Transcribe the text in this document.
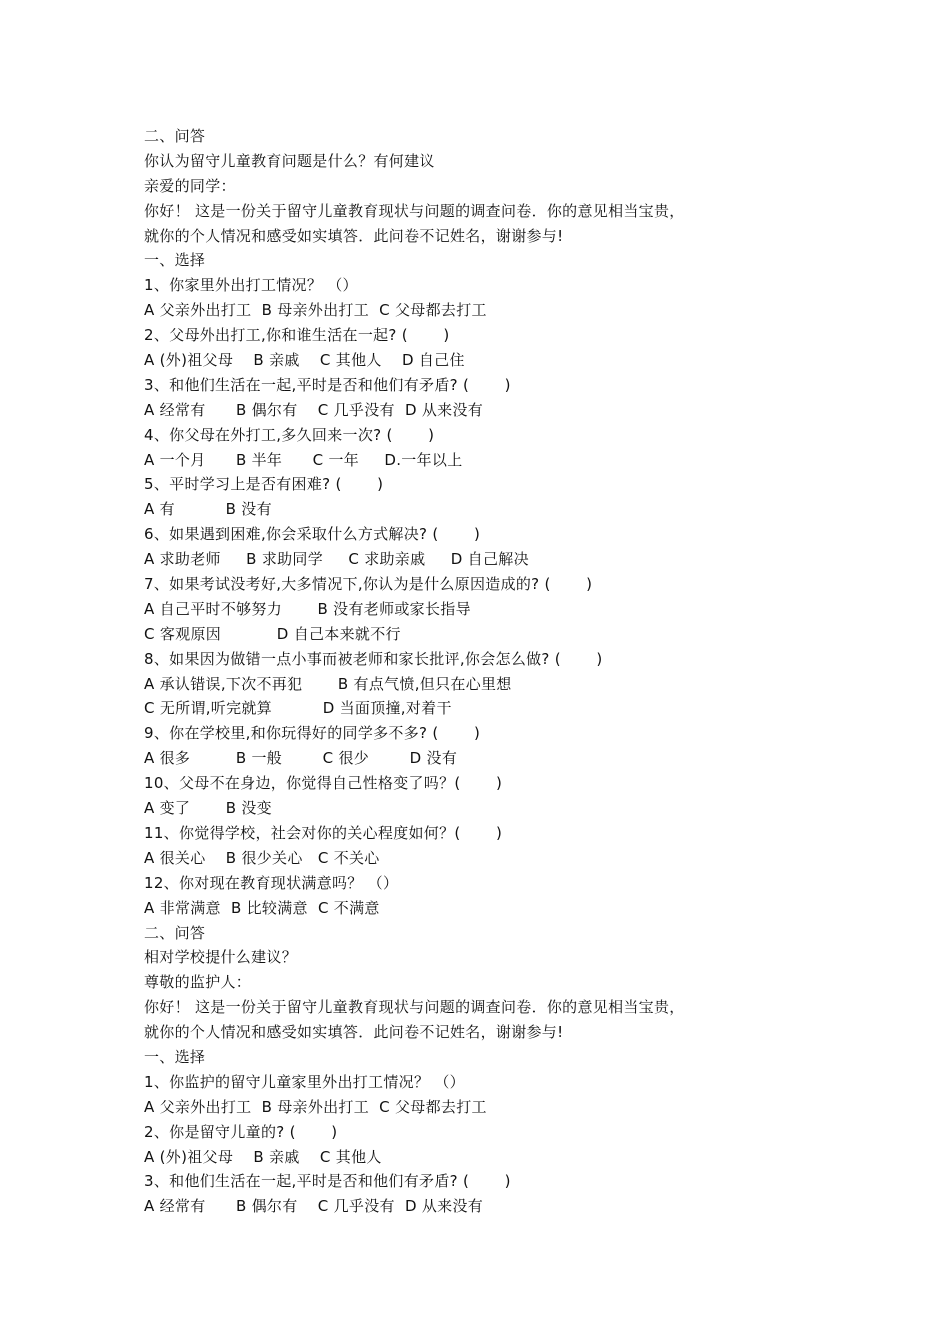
二、问答
你认为留守儿童教育问题是什么？有何建议
亲爱的同学：
你好！ 这是一份关于留守儿童教育现状与问题的调查问卷．你的意见相当宝贵，
就你的个人情况和感受如实填答．此问卷不记姓名，谢谢参与!
一、选择
1、你家里外出打工情况？ （）
A 父亲外出打工  B 母亲外出打工  C 父母都去打工
2、父母外出打工,你和谁生活在一起? (       )
A (外)祖父母    B 亲戚    C 其他人    D 自己住
3、和他们生活在一起,平时是否和他们有矛盾? (       )
A 经常有      B 偶尔有    C 几乎没有  D 从来没有
4、你父母在外打工,多久回来一次? (       )
A 一个月      B 半年      C 一年     D.一年以上
5、平时学习上是否有困难? (       )
A 有          B 没有
6、如果遇到困难,你会采取什么方式解决? (       )
A 求助老师     B 求助同学     C 求助亲戚     D 自己解决
7、如果考试没考好,大多情况下,你认为是什么原因造成的? (       )
A 自己平时不够努力       B 没有老师或家长指导
C 客观原因           D 自己本来就不行
8、如果因为做错一点小事而被老师和家长批评,你会怎么做? (       )
A 承认错误,下次不再犯       B 有点气愤,但只在心里想
C 无所谓,听完就算          D 当面顶撞,对着干
9、你在学校里,和你玩得好的同学多不多? (       )
A 很多         B 一般        C 很少        D 没有
10、父母不在身边，你觉得自己性格变了吗？(       )
A 变了       B 没变
11、你觉得学校，社会对你的关心程度如何？(       )
A 很关心    B 很少关心   C 不关心
12、你对现在教育现状满意吗？ （）
A 非常满意  B 比较满意  C 不满意
二、问答
相对学校提什么建议？
尊敬的监护人：
你好！ 这是一份关于留守儿童教育现状与问题的调查问卷．你的意见相当宝贵，
就你的个人情况和感受如实填答．此问卷不记姓名，谢谢参与!
一、选择
1、你监护的留守儿童家里外出打工情况？ （）
A 父亲外出打工  B 母亲外出打工  C 父母都去打工
2、你是留守儿童的? (       )
A (外)祖父母    B 亲戚    C 其他人
3、和他们生活在一起,平时是否和他们有矛盾? (       )
A 经常有      B 偶尔有    C 几乎没有  D 从来没有
